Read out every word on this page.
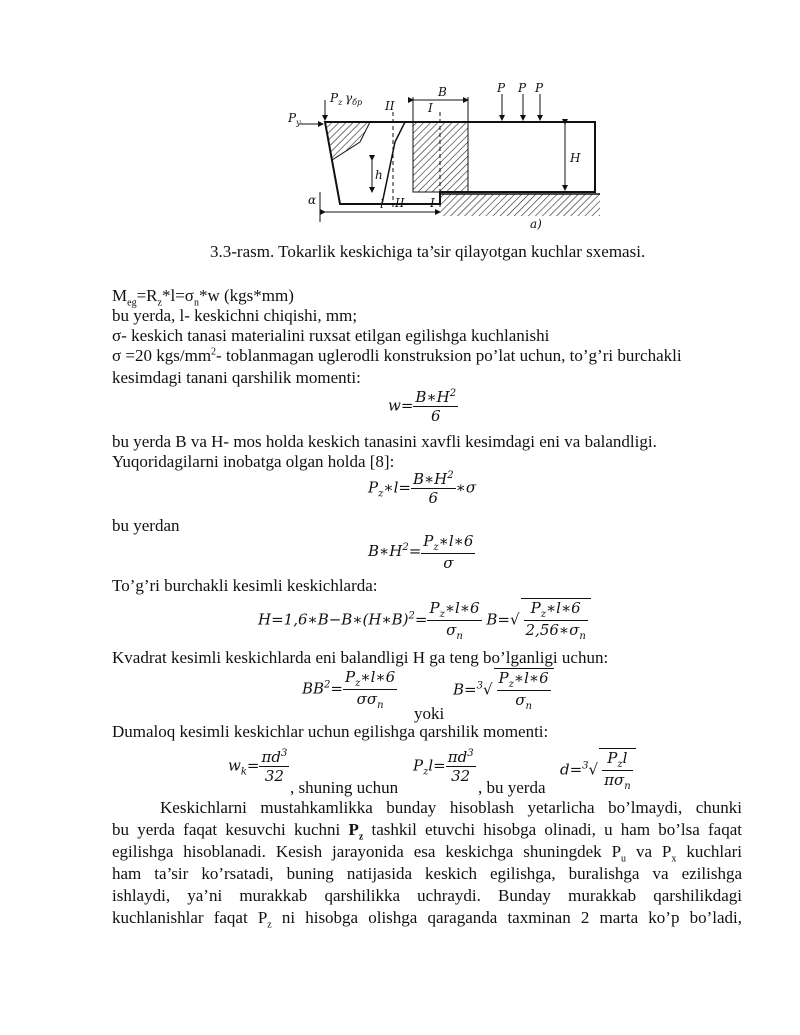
$P_z$
$P_y$
$\gamma_{бр}$ II	I
B	P P P
h
H
α	l II I
a)
3.3-rasm. Tokarlik keskichiga ta’sir qilayotgan kuchlar sxemasi.
$M_{eg}=R_z*l=\sigma_n*w$ (kgs*mm)
bu yerda, l- keskichni chiqishi, mm;
σ- keskich tanasi materialini ruxsat etilgan egilishga kuchlanishi
σ =20 kgs/$mm^2-$ toblanmagan uglerodli konstruksion po’lat uchun, to’g’ri burchakli
kesimdagi tanani qarshilik momenti:
$w= \frac{B∗H^2}{6}$
bu yerda B va H- mos holda keskich tanasini xavfli kesimdagi eni va balandligi.
Yuqoridagilarni inobatga olgan holda [8]:
$P_z∗l= \frac{B∗H^2}{6}$ ∗σ
bu yerdan
$B∗H^2= \frac{P_z∗l∗6}{\sigma}$
To’g’ri burchakli kesimli keskichlarda:
H=1,6∗B−B∗(H∗B)$^2$= $\frac{P_z∗l∗6}{\sigma_n} B=√ \frac{P_z∗l∗6}{2,56∗\sigma_n}$
Kvadrat kesimli keskichlarda eni balandligi H ga teng bo’lganligi uchun:
$BB^2= \frac{P_z∗l∗6}{\sigma\sigma_n}$
yoki
$B=^3√ \frac{P_z∗l∗6}{\sigma_n}$
Dumaloq kesimli keskichlar uchun egilishga qarshilik momenti:
$w_k= \frac{\pi d^3}{32}$
, shuning uchun
$P_zl= \frac{\pi d^3}{32}$
, bu yerda
$d=^3√ \frac{P_zl}{\pi\sigma_n}$
Keskichlarni mustahkamlikka bunday hisoblash yetarlicha bo’lmaydi, chunki
bu yerda faqat kesuvchi kuchni $P_z$ tashkil etuvchi hisobga olinadi, u ham bo’lsa faqat
egilishga hisoblanadi. Kesish jarayonida esa keskichga shuningdek $P_u$ va $P_x$ kuchlari
ham ta’sir ko’rsatadi, buning natijasida keskich egilishga, buralishga va ezilishga
ishlaydi, ya’ni murakkab qarshilikka uchraydi. Bunday murakkab qarshilikdagi
kuchlanishlar faqat $P_z$ ni hisobga olishga qaraganda taxminan 2 marta ko’p bo’ladi,
